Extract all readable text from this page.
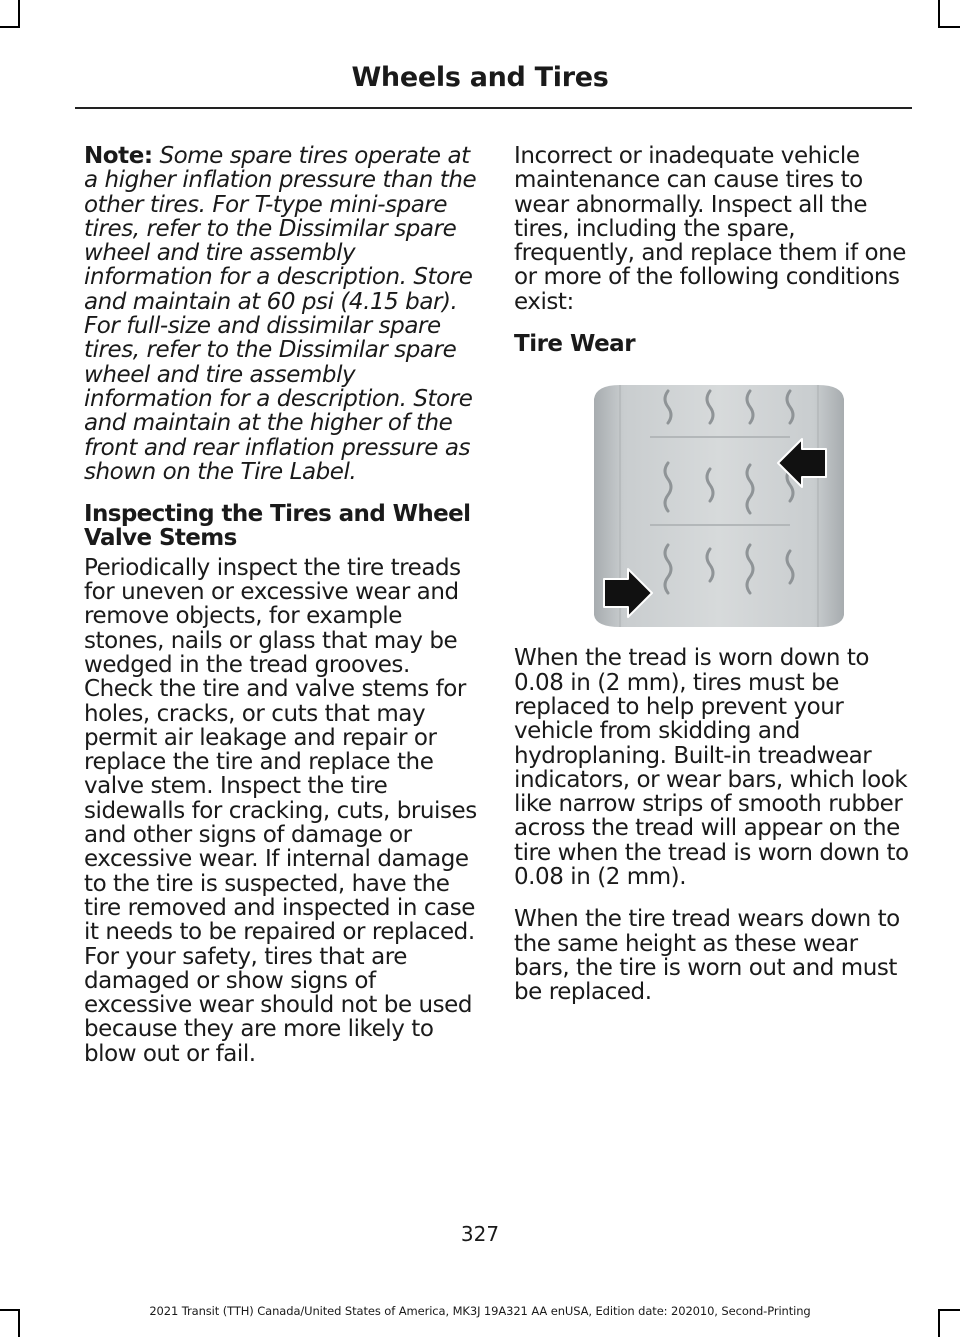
Wheels and Tires

Note: Some spare tires operate at a higher inflation pressure than the other tires. For T-type mini-spare tires, refer to the Dissimilar spare wheel and tire assembly information for a description. Store and maintain at 60 psi (4.15 bar). For full-size and dissimilar spare tires, refer to the Dissimilar spare wheel and tire assembly information for a description. Store and maintain at the higher of the front and rear inflation pressure as shown on the Tire Label.

Inspecting the Tires and Wheel Valve Stems

Periodically inspect the tire treads for uneven or excessive wear and remove objects, for example stones, nails or glass that may be wedged in the tread grooves. Check the tire and valve stems for holes, cracks, or cuts that may permit air leakage and repair or replace the tire and replace the valve stem. Inspect the tire sidewalls for cracking, cuts, bruises and other signs of damage or excessive wear. If internal damage to the tire is suspected, have the tire removed and inspected in case it needs to be repaired or replaced. For your safety, tires that are damaged or show signs of excessive wear should not be used because they are more likely to blow out or fail.

Incorrect or inadequate vehicle maintenance can cause tires to wear abnormally. Inspect all the tires, including the spare, frequently, and replace them if one or more of the following conditions exist:

Tire Wear

When the tread is worn down to 0.08 in (2 mm), tires must be replaced to help prevent your vehicle from skidding and hydroplaning. Built-in treadwear indicators, or wear bars, which look like narrow strips of smooth rubber across the tread will appear on the tire when the tread is worn down to 0.08 in (2 mm).

When the tire tread wears down to the same height as these wear bars, the tire is worn out and must be replaced.

327
2021 Transit (TTH) Canada/United States of America, MK3J 19A321 AA enUSA, Edition date: 202010, Second-Printing
